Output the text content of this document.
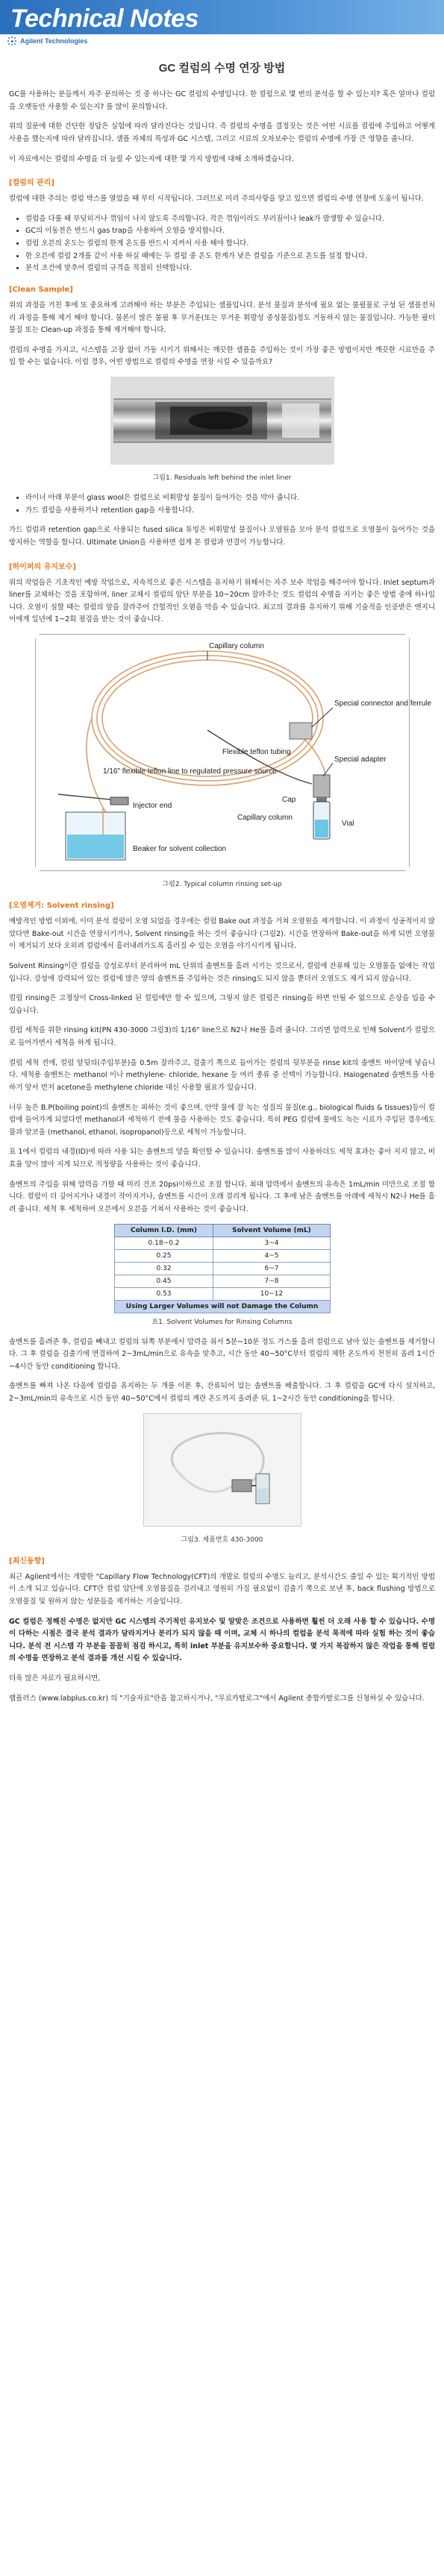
Technical Notes
Agilent Technologies
GC 컬럼의 수명 연장 방법

GC를 사용하는 분들께서 자주 문의하는 것 중 하나는 GC 컬럼의 수명입니다. 한 컬럼으로 몇 번의 분석을 할 수 있는지? 혹은 얼마나 컬럼을 오랫동안 사용할 수 있는지? 를 많이 문의합니다.

위의 질문에 대한 간단한 정답은 실험에 따라 달라진다는 것입니다. 즉 컬럼의 수명을 결정짓는 것은 어떤 시료를 컬럼에 주입하고 어떻게 사용을 했는지에 따라 달라집니다. 샘플 자체의 특성과 GC 시스템, 그리고 시료의 오차보수는 컬럼의 수명에 가장 큰 영향을 줍니다.

이 자료에서는 컬럼의 수명을 더 늘릴 수 있는지에 대한 몇 가지 방법에 대해 소개하겠습니다.

[컬럼의 관리]

컬럼에 대한 주의는 컬럼 박스를 열었을 때 부터 시작됩니다. 그러므로 미리 주의사항을 알고 있으면 컬럼의 수명 연장에 도움이 됩니다.

• 컬럼을 다룰 때 부딪히거나 꺾임이 나지 않도록 주의합니다. 작은 꺾임이라도 부러짐이나 leak가 발생할 수 있습니다.
• GC의 이동전은 반드시 gas trap을 사용하여 오염을 방지합니다.
• 컬럼 오븐의 온도는 컬럼의 한계 온도를 반드시 지켜서 사용 해야 합니다.
• 한 오븐에 컬럼 2개를 같이 사용 하실 때에는 두 컬럼 중 온도 한계가 낮은 컬럼을 기준으로 온도를 설정 합니다.
• 분석 조건에 맞추어 컬럼의 규격을 적절히 선택합니다.
[Clean Sample]

위의 과정을 거친 후에 또 중요하게 고려해야 하는 부분은 주입되는 샘플입니다. 분석 물질과 분석에 필요 없는 불필물로 구성 된 샘플전처리 과정을 통해 제거 해야 합니다. 물론이 많은 불필 후 무거운(또는 무거운 휘발성 중성물질)정도 거동하지 않는 물질입니다. 가능한 필터 물질 또는 Clean-up 과정을 통해 제거해야 합니다.

컬럼의 수명을 가지고, 시스템을 고장 없이 가동 시키기 위해서는 깨끗한 샘플을 주입하는 것이 가장 좋은 방법이지만 깨끗한 시료만을 주입 할 수는 없습니다. 이럴 경우, 어떤 방법으로 컬럼의 수명을 연장 시킬 수 있을까요?

그림1. Residuals left behind the inlet liner
• 라이너 아래 부분이 glass wool은 컬럼으로 비휘발성 물질이 들어가는 것을 막아 줍니다.
• 가드 컬럼을 사용하거나 retention gap을 사용합니다.

가드 컬럼과 retention gap으로 사용되는 fused silica 튜빙은 비휘발성 물질이나 오염원을 모아 분석 컬럼으로 오염물이 들어가는 것을 방지하는 역할을 합니다. Ultimate Union을 사용하면 쉽게 본 컬럼과 연결이 가능합니다.

[하이퍼의 유지보수]

위의 작업들은 기초적인 예방 작업으로, 지속적으로 좋은 시스템을 유지하기 위해서는 자주 보수 작업을 해주어야 합니다. Inlet septum과 liner를 교체하는 것을 포함하며, liner 교체시 컬럼의 앞단 부분을 10~20cm 잘라주는 것도 컬럼의 수명을 지키는 좋은 방법 중에 하나입니다. 오염이 심할 때는 컬럼의 앞을 잘라주어 간헐적인 오염을 막을 수 있습니다. 최고의 결과를 유지하기 위해 기술적을 인증받은 엔지니어에게 일년에 1~2회 점검을 받는 것이 좋습니다.

Capillary column
Special connector and ferrule
Flexible teflon tubing
Special adapter
1/16" flexible teflon line to regulated pressure source
Injector end
Cap
Capillary column
Vial
Beaker for solvent collection
그림2. Typical column rinsing set-up
[오염제거: Solvent rinsing]

예방적인 방법 이외에, 이미 분석 컬럼이 오염 되었을 경우에는 컬럼 Bake out 과정을 거쳐 오염원을 제거합니다. 이 과정이 성공적이지 않았다면 Bake-out 시간을 연장시키거나, Solvent rinsing을 하는 것이 좋습니다 (그림2). 시간을 연장하여 Bake-out을 하게 되면 오염물이 제거되기 보다 오히려 컬럼에서 흘러내려가도록 흘러질 수 있는 오염을 야기시키게 됩니다.

Solvent Rinsing이란 컬럼을 강성로부터 분리하여 mL 단위의 솔벤트를 흘려 시키는 것으로서, 컬럼에 잔류해 있는 오염물을 없애는 작업입니다. 강성에 강력되어 있는 컬럼에 많은 양의 솔벤트를 주입하는 것은 rinsing도 되지 않을 뿐더러 오염도도 제거 되지 않습니다.

컬럼 rinsing은 고정상이 Cross-linked 된 컬럼에만 할 수 있으며, 그렇지 않은 컬럼은 rinsing을 하면 안될 수 없으므로 손상을 입을 수 있습니다.

컬럼 세척을 위한 rinsing kit(PN 430-3000 그림3)의 1/16" line으로 N2나 He를 흘려 줍니다. 그리면 압력으로 인해 Solvent가 컬럼으로 들어가면서 세척을 하게 됩니다.

컬럼 세척 전에, 컬럼 앞뒷의(주입부분)을 0.5m 잘라주고, 검출기 쪽으로 들어가는 컬럼의 뒷부분을 rinse kit의 솔벤트 바이알에 넣습니다. 세척용 솔벤트는 methanol 이나 methylene- chloride, hexane 등 여러 종류 중 선택이 가능합니다. Halogenated 솔벤트를 사용하기 앞서 먼저 acetone을 methylene chloride 대신 사용할 필요가 있습니다.

너무 높은 B.P(boiling point)의 솔벤트는 피하는 것이 좋으며, 안약 물에 잘 녹는 성질의 물질(e.g., biological fluids & tissues)등이 컬럼에 들어가게 되었다면 methanol과 세척하기 전에 물을 사용하는 것도 좋습니다. 특히 PEG 컬럼에 물에도 녹는 시료가 주입된 경우에도 물과 알코올 (methanol, ethanol, isopropanol)등으로 세척이 가능합니다.

표 1에서 컬럼의 내경(ID)에 따라 사용 되는 솔벤트의 양을 확인할 수 있습니다. 솔벤트를 많이 사용하더도 세척 효과는 좋아 지지 않고, 비효율 양이 많아 지게 되므로 적정량을 사용하는 것이 좋습니다.

솔벤트의 주입을 위해 압력을 가할 때 미리 건조 20psi이하으로 조절 합니다. 최대 압력에서 솔벤트의 유속은 1mL/min 미만으로 조절 합니다. 컬럼이 더 깊어지거나 내경이 작아지거나, 솔벤트를 시간이 오래 걸리게 됩니다. 그 후에 남은 솔벤트를 아래에 세척시 N2나 He를 흘려 줍니다. 세척 후 세척하여 오븐에서 오븐을 거쳐서 사용하는 것이 좋습니다.

Column I.D. (mm)	Solvent Volume (mL)
0.18~0.2	3~4
0.25	4~5
0.32	6~7
0.45	7~8
0.53	10~12
Using Larger Volumes will not Damage the Column	
표1. Solvent Volumes for Rinsing Columns

솔벤트를 흘려준 후, 컬럼을 빼내고 컬럼의 뒤쪽 부분에서 압력을 줘서 5분~10분 정도 가스를 흘려 컬럼으로 남아 있는 솔벤트를 제거합니다. 그 후 컬럼을 검출기에 연결하여 2~3mL/min으로 유속을 맞추고, 시간 동안 40~50°C부터 컬럼의 제한 온도까지 천천히 올려 1시간~4시간 동안 conditioning 합니다.

솔벤트를 빠져 나온 다음에 컬럼을 유지하는 두 개를 이론 후, 잔류되어 있는 솔벤트를 배출합니다. 그 후 컬럼을 GC에 다시 설치하고, 2~3mL/min의 유속으로 시간 동안 40~50°C에서 컬럼의 계란 온도까지 올려준 뒤, 1~2시간 동안 conditioning을 합니다.

그림3. 제품번호 430-3000
[최신동향]

최근 Agilent에서는 개발한 "Capillary Flow Technology(CFT)의 개발로 컬럼의 수명도 늘리고, 분석시간도 줄일 수 있는 획기적인 방법이 소개 되고 있습니다. CFT란 컬럼 압단에 오염물질을 걸러내고 영원히 가질 필요없이 검출기 쪽으로 보낸 후, back flushing 방법으로 오염물질 및 원하지 않는 성분들을 제거하는 기술입니다.

GC 컬럼은 정해진 수명은 없지만 GC 시스템의 주기적인 유지보수 및 알맞은 조건으로 사용하면 훨씬 더 오래 사용 할 수 있습니다. 수명이 다하는 시점은 결국 분석 결과가 달라지거나 분리가 되지 않을 때 이며, 교체 시 하나의 컬럼을 분석 목적에 따라 실험 하는 것이 좋습니다. 분석 전 시스템 각 부분을 꼼꼼히 점검 하시고, 특히 inlet 부분을 유지보수하 중요합니다. 몇 가지 복잡하지 않은 작업을 통해 컬럼의 수명을 연장하고 분석 결과를 개선 시킬 수 있습니다.

더욱 많은 자료가 필요하시면,

랩플러스 (www.labplus.co.kr) 의 "기술자료"란을 참고하시거나, "무료카탈로그"에서 Agilent 종합카탈로그를 신청하실 수 있습니다.
